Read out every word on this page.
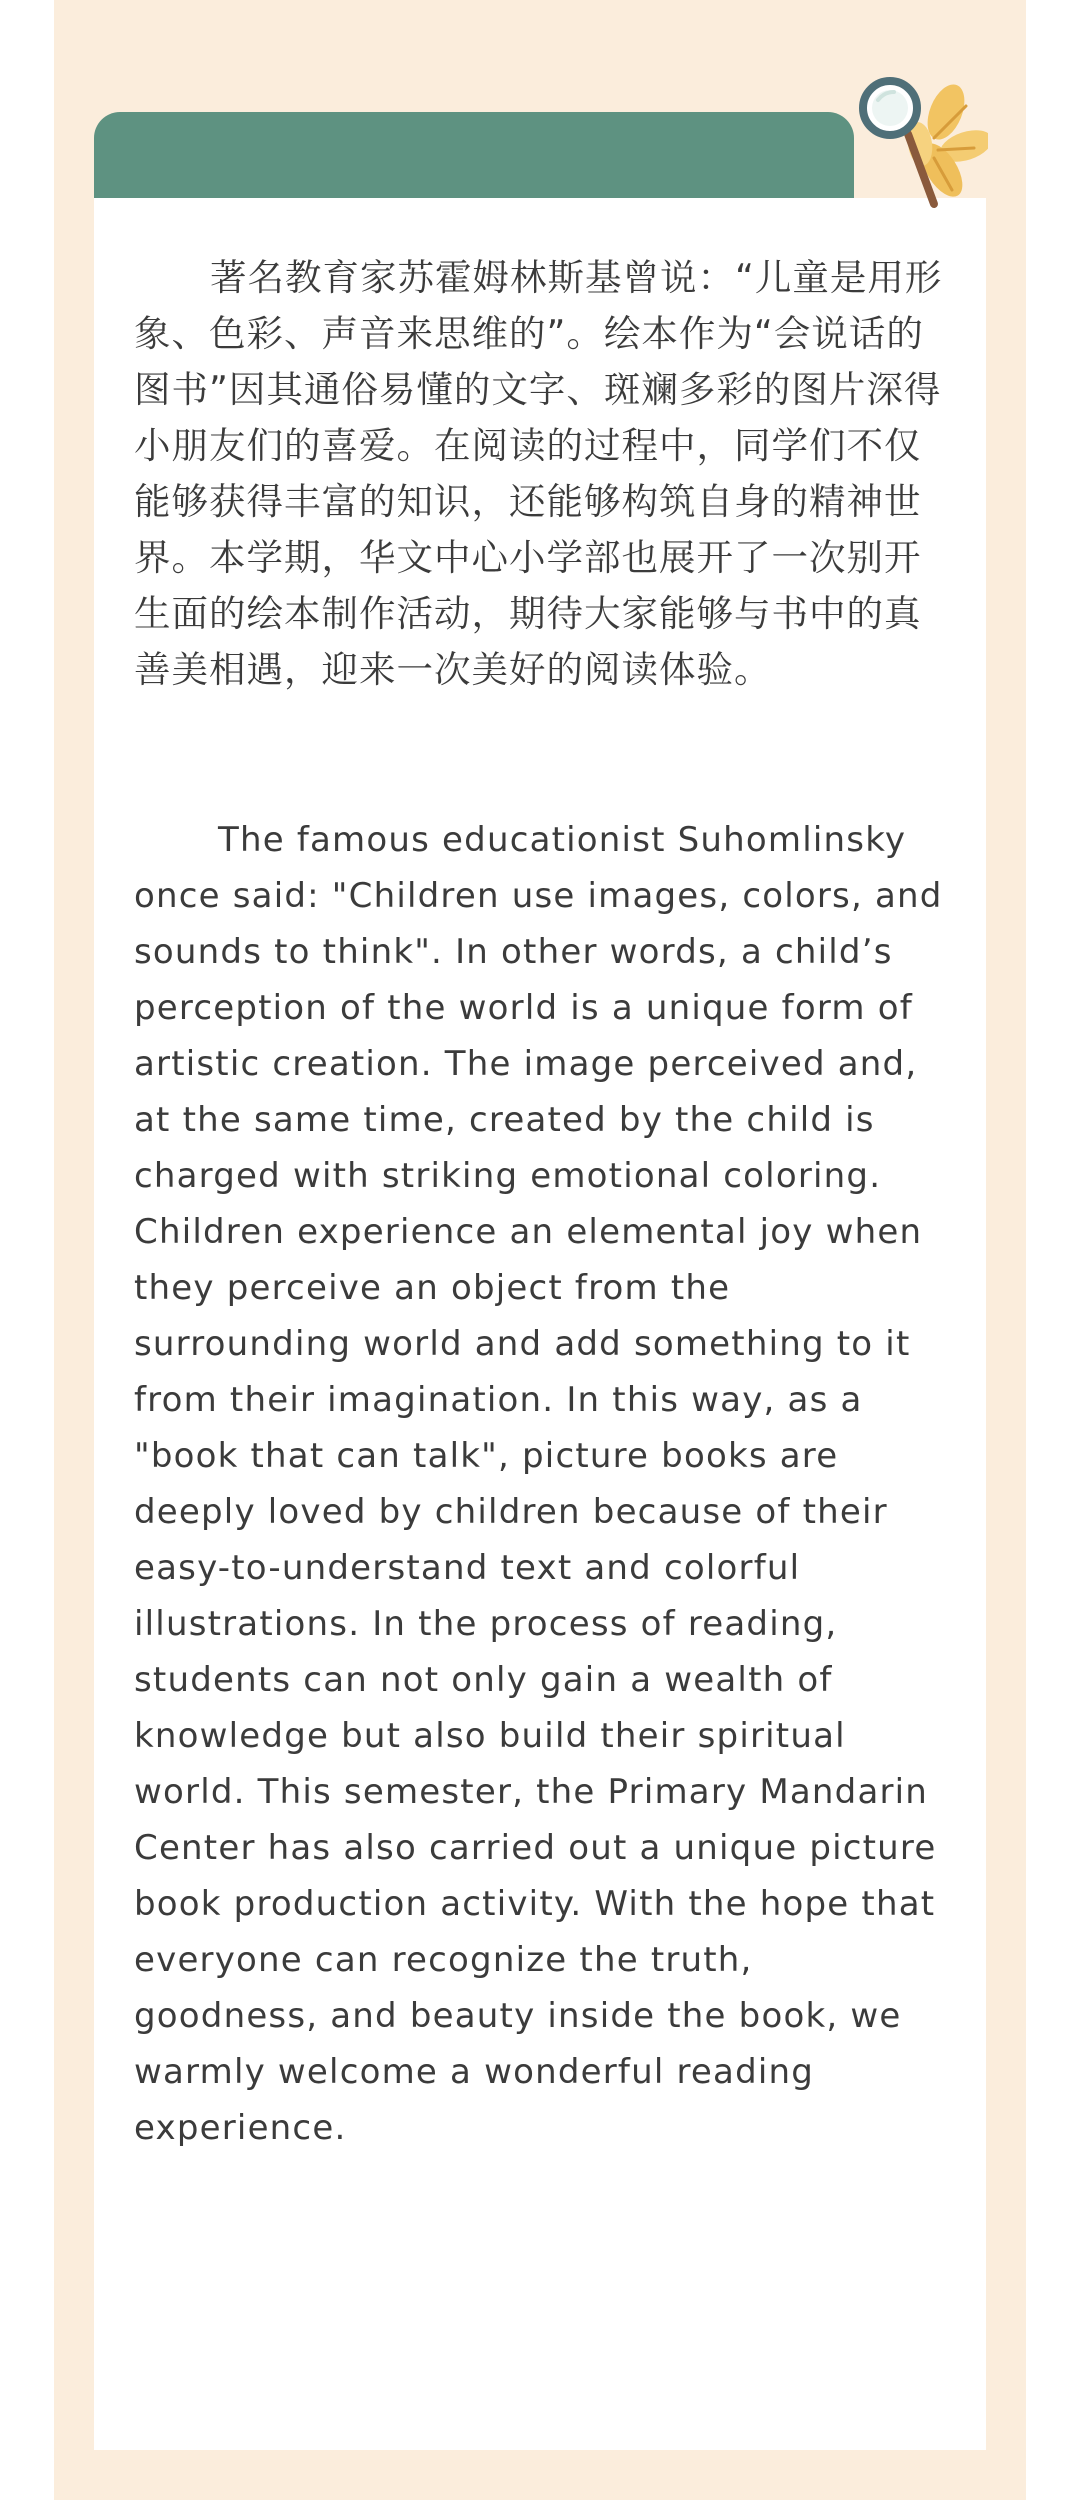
著名教育家苏霍姆林斯基曾说：“儿童是用形象、色彩、声音来思维的”。绘本作为“会说话的图书”因其通俗易懂的文字、斑斓多彩的图片深得小朋友们的喜爱。在阅读的过程中，同学们不仅能够获得丰富的知识，还能够构筑自身的精神世界。本学期，华文中心小学部也展开了一次别开生面的绘本制作活动，期待大家能够与书中的真善美相遇，迎来一次美好的阅读体验。

The famous educationist Suhomlinsky once said: "Children use images, colors, and sounds to think". In other words, a child’s perception of the world is a unique form of artistic creation. The image perceived and, at the same time, created by the child is charged with striking emotional coloring. Children experience an elemental joy when they perceive an object from the surrounding world and add something to it from their imagination. In this way, as a "book that can talk", picture books are deeply loved by children because of their easy-to-understand text and colorful illustrations. In the process of reading, students can not only gain a wealth of knowledge but also build their spiritual world. This semester, the Primary Mandarin Center has also carried out a unique picture book production activity. With the hope that everyone can recognize the truth, goodness, and beauty inside the book, we warmly welcome a wonderful reading experience.
